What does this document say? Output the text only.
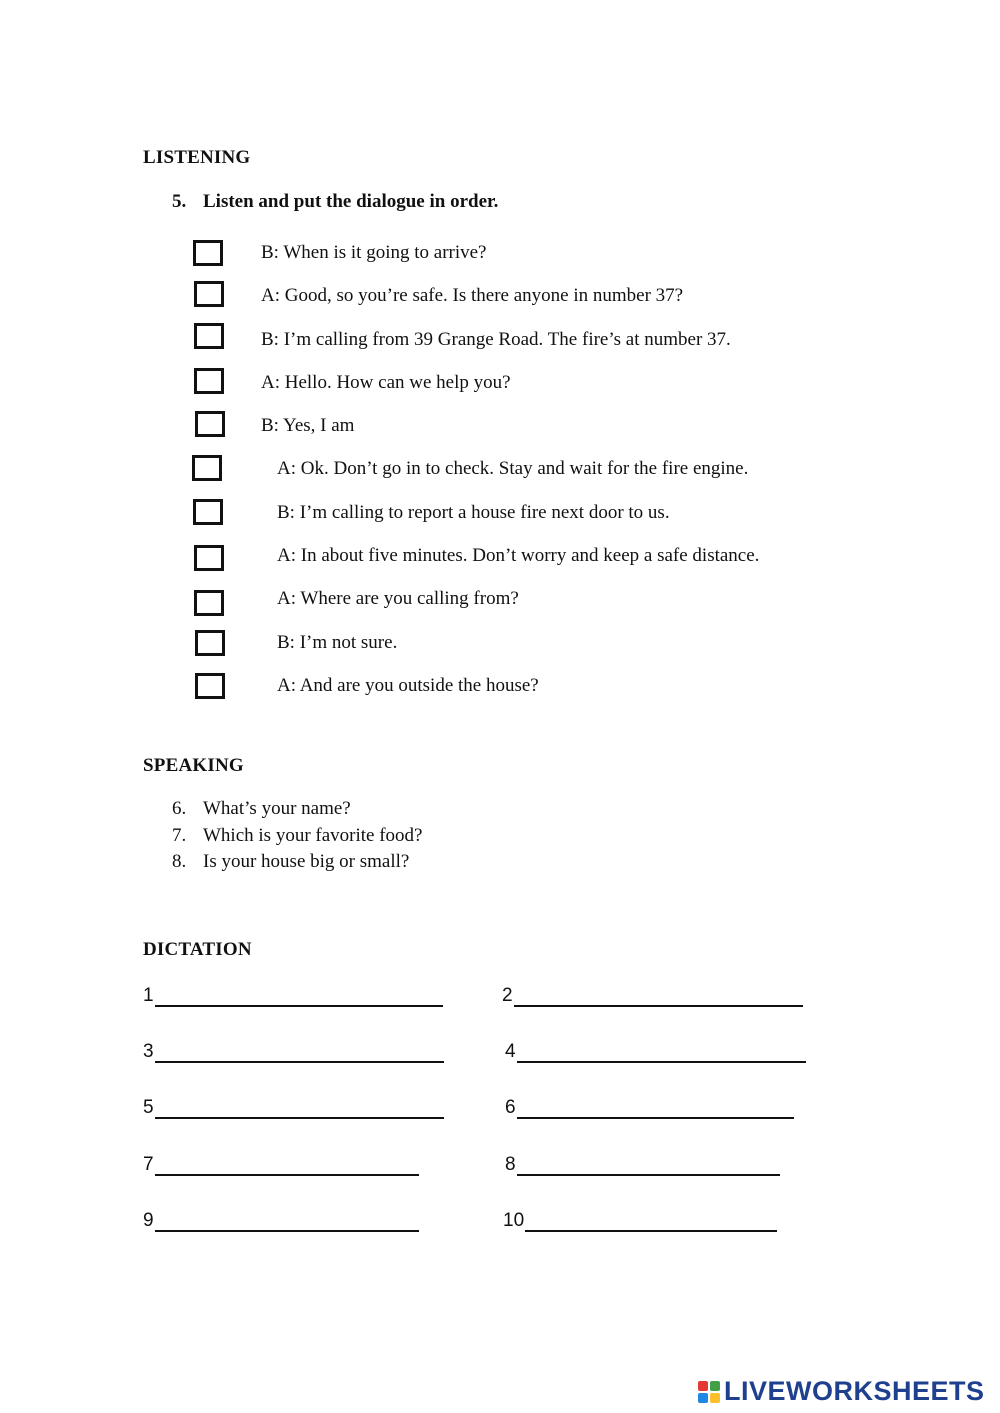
LISTENING
5. Listen and put the dialogue in order.
B: When is it going to arrive?
A: Good, so you’re safe. Is there anyone in number 37?
B: I’m calling from 39 Grange Road. The fire’s at number 37.
A: Hello. How can we help you?
B: Yes, I am
A: Ok. Don’t go in to check. Stay and wait for the fire engine.
B: I’m calling to report a house fire next door to us.
A: In about five minutes. Don’t worry and keep a safe distance.
A: Where are you calling from?
B: I’m not sure.
A: And are you outside the house?
SPEAKING
6. What’s your name?
7. Which is your favorite food?
8. Is your house big or small?
DICTATION
1	2
3	4
5	6
7	8
9	10
LIVEWORKSHEETS
